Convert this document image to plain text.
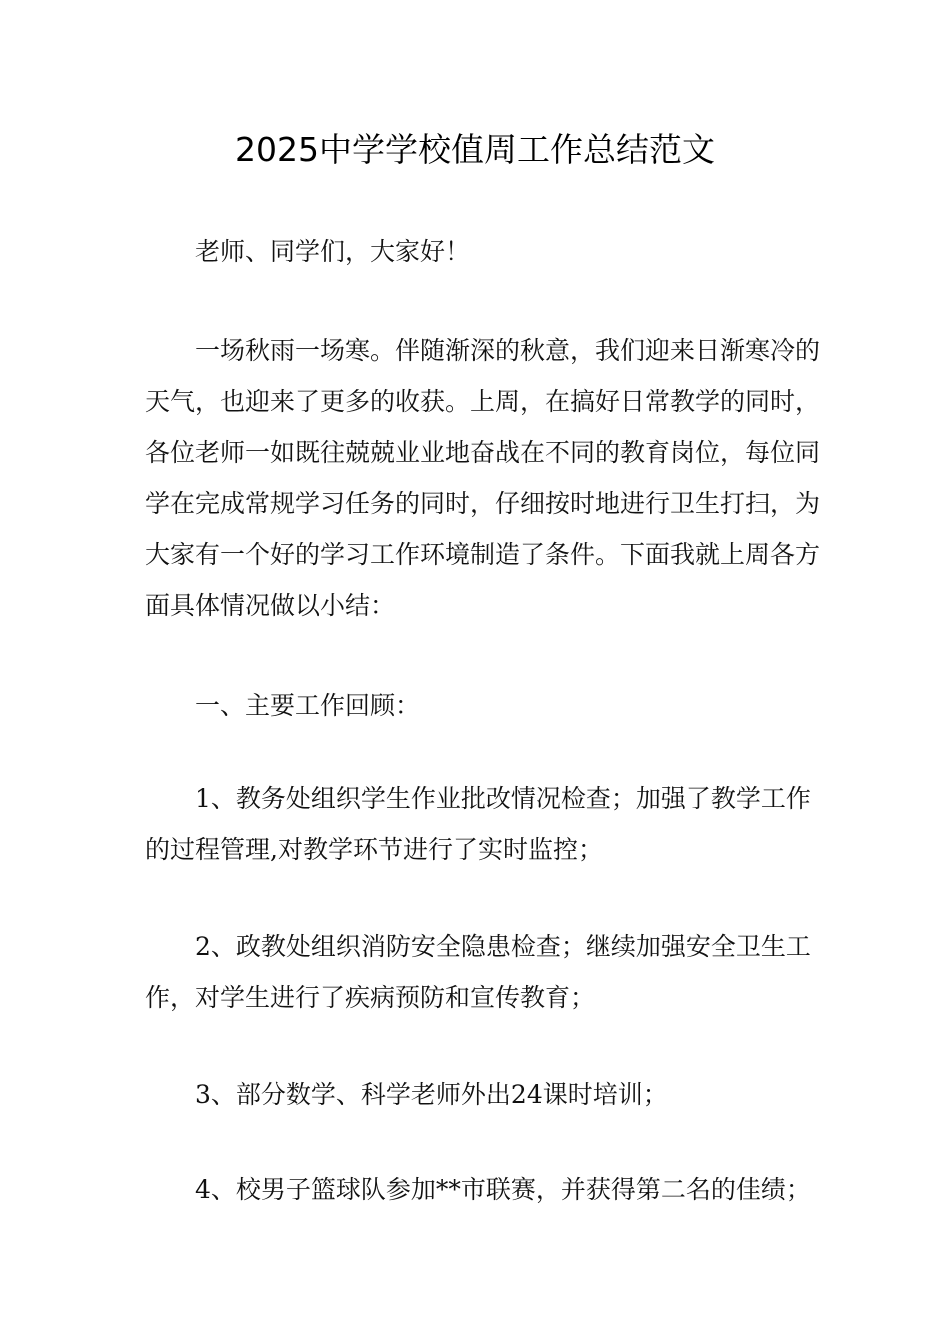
2025中学学校值周工作总结范文

老师、同学们，大家好！

一场秋雨一场寒。伴随渐深的秋意，我们迎来日渐寒冷的天气，也迎来了更多的收获。上周，在搞好日常教学的同时，各位老师一如既往兢兢业业地奋战在不同的教育岗位，每位同学在完成常规学习任务的同时，仔细按时地进行卫生打扫，为大家有一个好的学习工作环境制造了条件。下面我就上周各方面具体情况做以小结：

一、主要工作回顾：

1、教务处组织学生作业批改情况检查；加强了教学工作的过程管理,对教学环节进行了实时监控；

2、政教处组织消防安全隐患检查；继续加强安全卫生工作，对学生进行了疾病预防和宣传教育；

3、部分数学、科学老师外出24课时培训；

4、校男子篮球队参加**市联赛，并获得第二名的佳绩；
